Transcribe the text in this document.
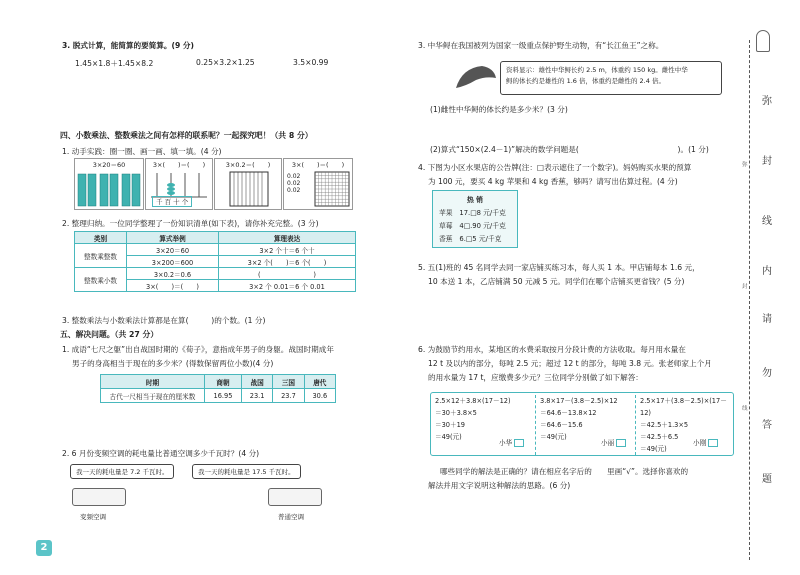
3. 脱式计算，能简算的要简算。(9 分)
1.45×1.8＋1.45×8.2	0.25×3.2×1.25	3.5×0.99
四、小数乘法、整数乘法之间有怎样的联系呢？一起探究吧！（共 8 分）
1. 动手实践：圈一圈、画一画、填一填。(4 分)
3×20＝60	3×(　　)＝(　　)
千 百 十 个
3×0.2＝(　　)	3×(　　)＝(　　)
0.02
0.02
0.02
2. 整理归纳。一位同学整理了一份知识清单(如下表)，请你补充完整。(3 分)
类别	算式举例	算理表达
整数乘整数	3×20＝60	3×2 个十＝6 个十
	3×200＝600	3×2 个(　　)＝6 个(　　)
整数乘小数	3×0.2＝0.6	(　　　　　　　　)
	3×(　　)＝(　　)	3×2 个 0.01＝6 个 0.01
3. 整数乘法与小数乘法计算都是在算(　　　)的个数。(1 分)
五、解决问题。（共 27 分）
1. 成语“七尺之躯”出自战国时期的《荀子》，意指成年男子的身躯。战国时期成年
男子的身高相当于现在的多少米？(得数保留两位小数)(4 分)
时期	商朝	战国	三国	唐代
古代一尺相当于现在的厘米数	16.95	23.1	23.7	30.6
2. 6 月份变频空调的耗电量比普通空调多少千瓦时？(4 分)
我一天的耗电量是 7.2 千瓦时。	我一天的耗电量是 17.5 千瓦时。
变频空调	普通空调
2
3. 中华鲟在我国被列为国家一级重点保护野生动物，有“长江鱼王”之称。
资料显示：雄性中华鲟长约 2.5 m，体重约 150 kg。雌性中华
鲟的体长约是雄性的 1.6 倍，体重约是雌性的 2.4 倍。
(1)雌性中华鲟的体长约是多少米？(3 分)
(2)算式“150×(2.4－1)”解决的数学问题是(　　　　　　　　　　　　　)。(1 分)
4. 下图为小区水果店的公告牌(注：□表示遮住了一个数字)。妈妈购买水果的预算
为 100 元，要买 4 kg 苹果和 4 kg 香蕉，够吗？请写出估算过程。(4 分)
热 销
苹果　 17.□8 元/千克
草莓　 4□.90 元/千克
香蕉　 6.□5 元/千克
5. 五(1)班的 45 名同学去同一家店铺买练习本，每人买 1 本。甲店铺每本 1.6 元，
10 本送 1 本，乙店铺满 50 元减 5 元。同学们在哪个店铺买更省钱？(5 分)
6. 为鼓励节约用水，某地区的水费采取按月分段计费的方法收取。每月用水量在
12 t 及以内的部分，每吨 2.5 元；超过 12 t 的部分，每吨 3.8 元。张老师家上个月
的用水量为 17 t，应缴费多少元？三位同学分别做了如下解答：
2.5×12＋3.8×(17－12)
＝30＋3.8×5
＝30＋19
＝49(元)
小华
3.8×17－(3.8－2.5)×12
＝64.6－13.8×12
＝64.6－15.6
＝49(元)
小丽
2.5×17＋(3.8－2.5)×(17－12)
＝42.5＋1.3×5
＝42.5＋6.5
＝49(元)
小刚
哪些同学的解法是正确的？请在相应名字后的　　里画“√”。选择你喜欢的
解法并用文字说明这种解法的思路。(6 分)
弥
封
线
内
请
勿
答
题
弥
封
线
